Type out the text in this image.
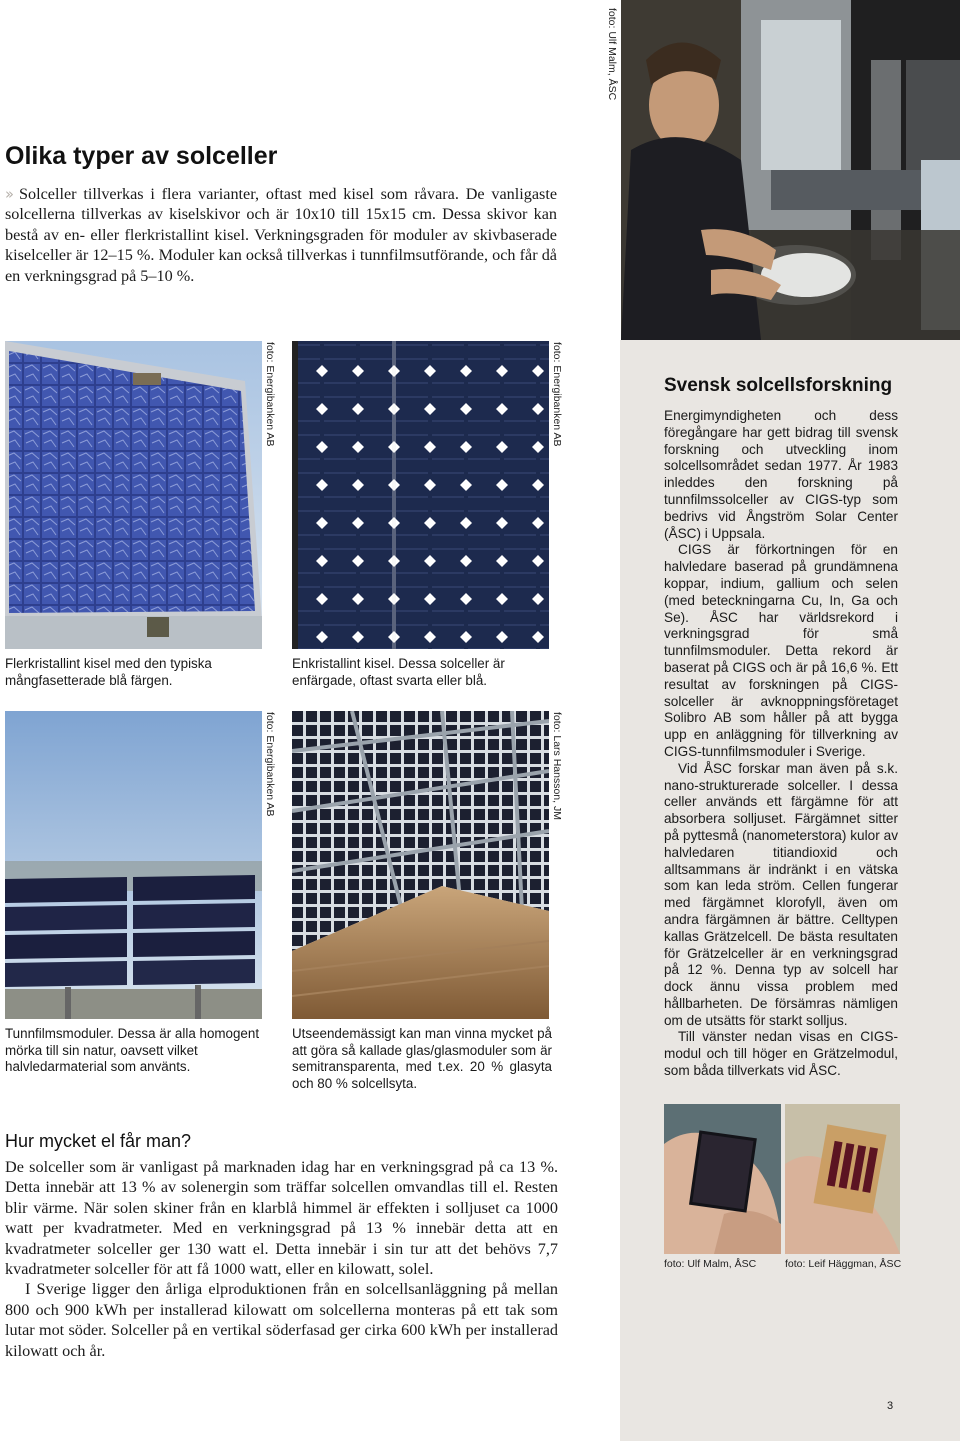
foto: Ulf Malm, ÅSC
Olika typer av solceller
›› Solceller tillverkas i flera varianter, oftast med kisel som råvara. De vanligaste solcellerna tillverkas av kiselskivor och är 10x10 till 15x15 cm. Dessa skivor kan bestå av en- eller flerkristallint kisel. Verkningsgraden för moduler av skivbaserade kiselceller är 12–15 %. Moduler kan också tillverkas i tunnfilmsutförande, och får då en verkningsgrad på 5–10 %.
foto: Energibanken AB
Flerkristallint kisel med den typiska mångfasetterade blå färgen.
foto: Energibanken AB
Enkristallint kisel. Dessa solceller är enfärgade, oftast svarta eller blå.
foto: Energibanken AB
Tunnfilmsmoduler. Dessa är alla homogent mörka till sin natur, oavsett vilket halvledarmaterial som använts.
foto: Lars Hansson, JM
Utseendemässigt kan man vinna mycket på att göra så kallade glas/glasmoduler som är semitransparenta, med t.ex. 20 % glasyta och 80 % solcellsyta.
Svensk solcellsforskning

Energimyndigheten och dess föregångare har gett bidrag till svensk forskning och utveckling inom solcellsområdet sedan 1977. År 1983 inleddes den forskning på tunnfilmssolceller av CIGS-typ som bedrivs vid Ångström Solar Center (ÅSC) i Uppsala.

CIGS är förkortningen för en halvledare baserad på grundämnena koppar, indium, gallium och selen (med beteckningarna Cu, In, Ga och Se). ÅSC har världsrekord i verkningsgrad för små tunnfilmsmoduler. Detta rekord är baserat på CIGS och är på 16,6 %. Ett resultat av forskningen på CIGS-solceller är avknoppningsföretaget Solibro AB som håller på att bygga upp en anläggning för tillverkning av CIGS-tunnfilmsmoduler i Sverige.

Vid ÅSC forskar man även på s.k. nano-strukturerade solceller. I dessa celler används ett färgämne för att absorbera solljuset. Färgämnet sitter på pyttesmå (nanometerstora) kulor av halvledaren titiandioxid och alltsammans är indränkt i en vätska som kan leda ström. Cellen fungerar med färgämnet klorofyll, även om andra färgämnen är bättre. Celltypen kallas Grätzelcell. De bästa resultaten för Grätzelceller är en verkningsgrad på 12 %. Denna typ av solcell har dock ännu vissa problem med hållbarheten. De försämras nämligen om de utsätts för starkt solljus.

Till vänster nedan visas en CIGS-modul och till höger en Grätzelmodul, som båda tillverkats vid ÅSC.

foto: Ulf Malm, ÅSC	foto: Leif Häggman, ÅSC
Hur mycket el får man?

De solceller som är vanligast på marknaden idag har en verkningsgrad på ca 13 %. Detta innebär att 13 % av solenergin som träffar solcellen omvandlas till el. Resten blir värme. När solen skiner från en klarblå himmel är effekten i solljuset ca 1000 watt per kvadratmeter. Med en verkningsgrad på 13 % innebär detta att en kvadratmeter solceller ger 130 watt el. Detta innebär i sin tur att det behövs 7,7 kvadratmeter solceller för att få 1000 watt, eller en kilowatt, solel.

I Sverige ligger den årliga elproduktionen från en solcellsanläggning på mellan 800 och 900 kWh per installerad kilowatt om solcellerna monteras på ett tak som lutar mot söder. Solceller på en vertikal söderfasad ger cirka 600 kWh per installerad kilowatt och år.

3
